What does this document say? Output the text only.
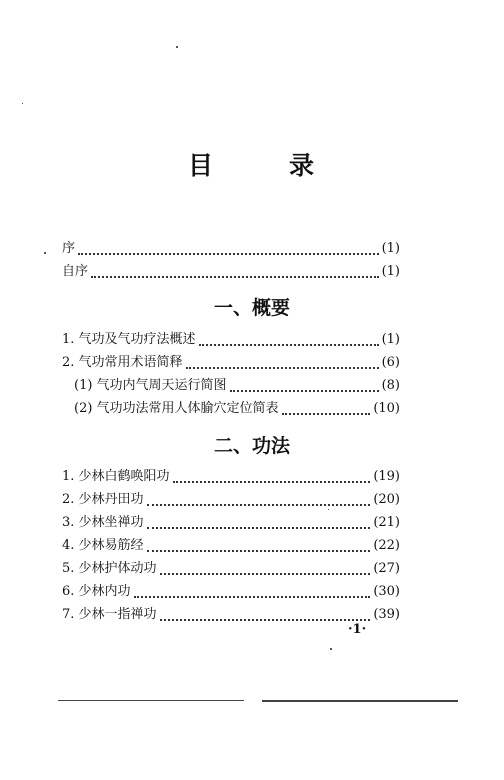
目	录
序	(1)
自序	(1)
一、概要
1. 气功及气功疗法概述	(1)
2. 气功常用术语简释	(6)
(1) 气功内气周天运行简图	(8)
(2) 气功功法常用人体腧穴定位简表	(10)
二、功法
1. 少林白鹤唤阳功	(19)
2. 少林丹田功	(20)
3. 少林坐禅功	(21)
4. 少林易筋经	(22)
5. 少林护体动功	(27)
6. 少林内功	(30)
7. 少林一指禅功	(39)
·1·
